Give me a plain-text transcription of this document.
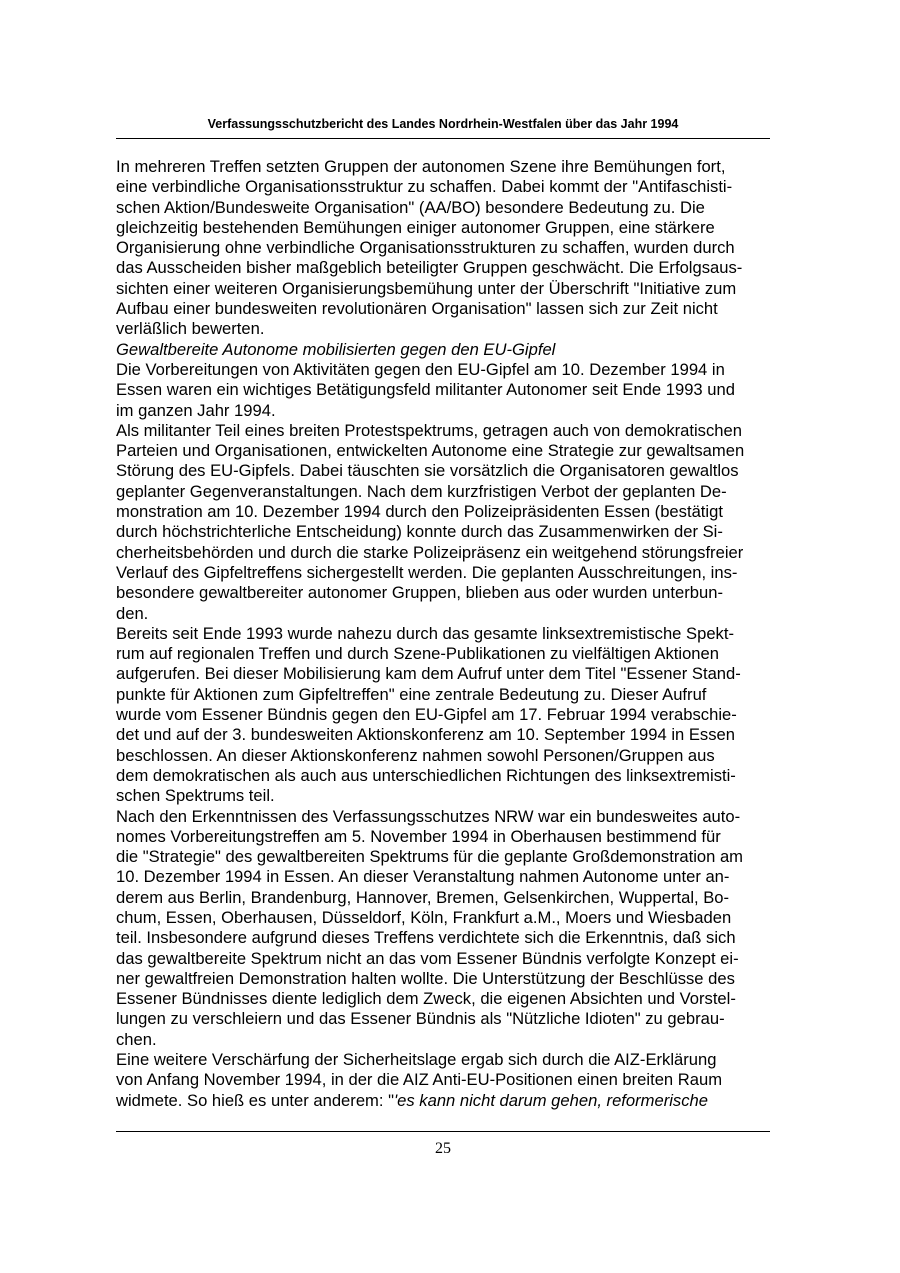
Verfassungsschutzbericht des Landes Nordrhein-Westfalen über das Jahr 1994
In mehreren Treffen setzten Gruppen der autonomen Szene ihre Bemühungen fort,
eine verbindliche Organisationsstruktur zu schaffen. Dabei kommt der "Antifaschisti-
schen Aktion/Bundesweite Organisation" (AA/BO) besondere Bedeutung zu. Die
gleichzeitig bestehenden Bemühungen einiger autonomer Gruppen, eine stärkere
Organisierung ohne verbindliche Organisationsstrukturen zu schaffen, wurden durch
das Ausscheiden bisher maßgeblich beteiligter Gruppen geschwächt. Die Erfolgsaus-
sichten einer weiteren Organisierungsbemühung unter der Überschrift "Initiative zum
Aufbau einer bundesweiten revolutionären Organisation" lassen sich zur Zeit nicht
verläßlich bewerten.
Gewaltbereite Autonome mobilisierten gegen den EU-Gipfel
Die Vorbereitungen von Aktivitäten gegen den EU-Gipfel am 10. Dezember 1994 in
Essen waren ein wichtiges Betätigungsfeld militanter Autonomer seit Ende 1993 und
im ganzen Jahr 1994.
Als militanter Teil eines breiten Protestspektrums, getragen auch von demokratischen
Parteien und Organisationen, entwickelten Autonome eine Strategie zur gewaltsamen
Störung des EU-Gipfels. Dabei täuschten sie vorsätzlich die Organisatoren gewaltlos
geplanter Gegenveranstaltungen. Nach dem kurzfristigen Verbot der geplanten De-
monstration am 10. Dezember 1994 durch den Polizeipräsidenten Essen (bestätigt
durch höchstrichterliche Entscheidung) konnte durch das Zusammenwirken der Si-
cherheitsbehörden und durch die starke Polizeipräsenz ein weitgehend störungsfreier
Verlauf des Gipfeltreffens sichergestellt werden. Die geplanten Ausschreitungen, ins-
besondere gewaltbereiter autonomer Gruppen, blieben aus oder wurden unterbun-
den.
Bereits seit Ende 1993 wurde nahezu durch das gesamte linksextremistische Spekt-
rum auf regionalen Treffen und durch Szene-Publikationen zu vielfältigen Aktionen
aufgerufen. Bei dieser Mobilisierung kam dem Aufruf unter dem Titel "Essener Stand-
punkte für Aktionen zum Gipfeltreffen" eine zentrale Bedeutung zu. Dieser Aufruf
wurde vom Essener Bündnis gegen den EU-Gipfel am 17. Februar 1994 verabschie-
det und auf der 3. bundesweiten Aktionskonferenz am 10. September 1994 in Essen
beschlossen. An dieser Aktionskonferenz nahmen sowohl Personen/Gruppen aus
dem demokratischen als auch aus unterschiedlichen Richtungen des linksextremisti-
schen Spektrums teil.
Nach den Erkenntnissen des Verfassungsschutzes NRW war ein bundesweites auto-
nomes Vorbereitungstreffen am 5. November 1994 in Oberhausen bestimmend für
die "Strategie" des gewaltbereiten Spektrums für die geplante Großdemonstration am
10. Dezember 1994 in Essen. An dieser Veranstaltung nahmen Autonome unter an-
derem aus Berlin, Brandenburg, Hannover, Bremen, Gelsenkirchen, Wuppertal, Bo-
chum, Essen, Oberhausen, Düsseldorf, Köln, Frankfurt a.M., Moers und Wiesbaden
teil. Insbesondere aufgrund dieses Treffens verdichtete sich die Erkenntnis, daß sich
das gewaltbereite Spektrum nicht an das vom Essener Bündnis verfolgte Konzept ei-
ner gewaltfreien Demonstration halten wollte. Die Unterstützung der Beschlüsse des
Essener Bündnisses diente lediglich dem Zweck, die eigenen Absichten und Vorstel-
lungen zu verschleiern und das Essener Bündnis als "Nützliche Idioten" zu gebrau-
chen.
Eine weitere Verschärfung der Sicherheitslage ergab sich durch die AIZ-Erklärung
von Anfang November 1994, in der die AIZ Anti-EU-Positionen einen breiten Raum
widmete. So hieß es unter anderem: "'es kann nicht darum gehen, reformerische
25
